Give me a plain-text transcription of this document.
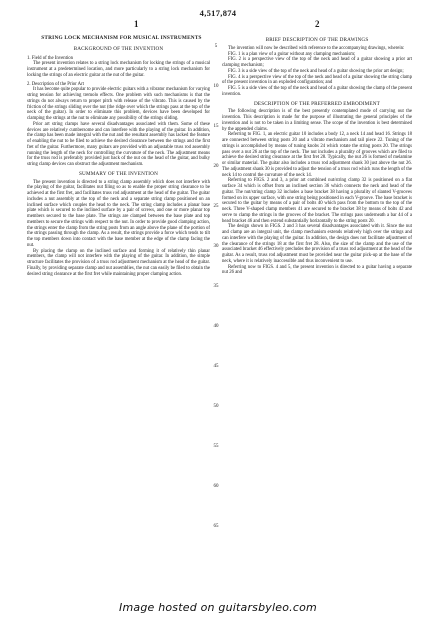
4,517,874
1	2

STRING LOCK MECHANISM FOR MUSICAL INSTRUMENTS

BACKGROUND OF THE INVENTION

1. Field of the Invention

The present invention relates to a string lock mechanism for locking the strings of a musical instrument at a predetermined location, and more particularly to a string lock mechanism for locking the strings of an electric guitar at the nut of the guitar.

2. Description of the Prior Art

It has become quite popular to provide electric guitars with a vibrator mechanism for varying string tension for achieving tremolo effects. One problem with such mechanisms is that the strings do not always return to proper pitch with release of the vibrato. This is caused by the friction of the strings sliding over the nut (the ridge over which the strings pass at the top of the neck of the guitar). In order to eliminate this problem, devices have been developed for clamping the strings at the nut to eliminate any possibility of the strings sliding.

Prior art string clamps have several disadvantages associated with them. Some of these devices are relatively cumbersome and can interfere with the playing of the guitar. In addition, the clamp has been made integral with the nut and the resultant assembly has lacked the feature of enabling the nut to be filed to achieve the desired clearance between the strings and the first fret of the guitar. Furthermore, many guitars are provided with an adjustable truss rod assembly running the length of the neck for controlling the curvature of the neck. The adjustment means for the truss rod is preferably provided just back of the nut on the head of the guitar, and bulky string clamp devices can obstruct the adjustment mechanism.

SUMMARY OF THE INVENTION

The present invention is directed to a string clamp assembly which does not interfere with the playing of the guitar, facilitates nut filing so as to enable the proper string clearance to be achieved at the first fret, and facilitates truss rod adjustment at the head of the guitar. The guitar includes a nut assembly at the top of the neck and a separate string clamp positioned on an inclined surface which couples the head to the neck. The string clamp includes a planar base plate which is secured to the inclined surface by a pair of screws, and one or more planar top members secured to the base plate. The strings are clamped between the base plate and top members to secure the strings with respect to the nut. In order to provide good clamping action, the strings enter the clamp from the string posts from an angle above the plane of the portion of the strings passing through the clamp. As a result, the strings provide a force which tends to tilt the top members down into contact with the base member at the edge of the clamp facing the nut.

By placing the clamp on the inclined surface and forming it of relatively thin planar members, the clamp will not interfere with the playing of the guitar. In addition, the simple structure facilitates the provision of a truss rod adjustment mechanism at the head of the guitar. Finally, by providing separate clamp and nut assemblies, the nut can easily be filed to obtain the desired string clearance at the first fret while maintaining proper clamping action.

BRIEF DESCRIPTION OF THE DRAWINGS

The invention will now be described with reference to the accompanying drawings, wherein:

FIG. 1 is a plan view of a guitar without any clamping mechanism;

FIG. 2 is a perspective view of the top of the neck and head of a guitar showing a prior art clamping mechanism;

FIG. 3 is a side view of the top of the neck and head of a guitar showing the prior art design;

FIG. 4 is a perspective view of the top of the neck and head of a guitar showing the string clamp of the present invention in an exploded configuration; and

FIG. 5 is a side view of the top of the neck and head of a guitar showing the clamp of the present invention.

DESCRIPTION OF THE PREFERRED EMBODIMENT

The following description is of the best presently contemplated mode of carrying out the invention. This description is made for the purpose of illustrating the general principles of the invention and is not to be taken in a limiting sense. The scope of the invention is best determined by the appended claims.

Referring to FIG. 1, an electric guitar 10 includes a body 12, a neck 14 and head 16. Strings 18 are connected between string posts 20 and a vibrato mechanism and tail piece 22. Tuning of the strings is accomplished by means of tuning knobs 24 which rotate the string posts 20. The strings pass over a nut 26 at the top of the neck. The nut includes a plurality of grooves which are filed to achieve the desired string clearance at the first fret 28. Typically, the nut 26 is formed of melamine or similar material. The guitar also includes a truss rod adjustment shank 30 just above the nut 26. The adjustment shank 30 is provided to adjust the tension of a truss rod which runs the length of the neck 14 to control the curvature of the neck 14.

Referring to FIGS. 2 and 3, a prior art combined nut/string clamp 32 is positioned on a flat surface 34 which is offset from an inclined section 36 which connects the neck and head of the guitar. The nut/string clamp 32 includes a base bracket 38 having a plurality of slanted V-grooves formed on its upper surface, with one string being positioned in each V-groove. The base bracket is secured to the guitar by means of a pair of bolts 40 which pass from the bottom to the top of the neck. Three V-shaped clamp members 41 are secured to the bracket 38 by means of bolts 42 and serve to clamp the strings in the grooves of the bracket. The strings pass underneath a bar 44 of a head bracket 46 and then extend substantially horizontally to the string posts 20.

The design shown in FIGS. 2 and 3 has several disadvantages associated with it. Since the nut and clamp are an integral unit, the clamp mechanism extends relatively high over the strings and can interfere with the playing of the guitar. In addition, the design does not facilitate adjustment of the clearance of the strings 18 at the first fret 28. Also, the size of the clamp and the use of the associated bracket 46 effectively precludes the provision of a truss rod adjustment at the head of the guitar. As a result, truss rod adjustment must be provided near the guitar pick-up at the base of the neck, where it is relatively inaccessible and thus inconvenient to use.

Referring now to FIGS. 4 and 5, the present invention is directed to a guitar having a separate nut 26 and

5
10
15
20
25
30
35
40
45
50
55
60
65
Image hosted on guitarsbyleo.com
